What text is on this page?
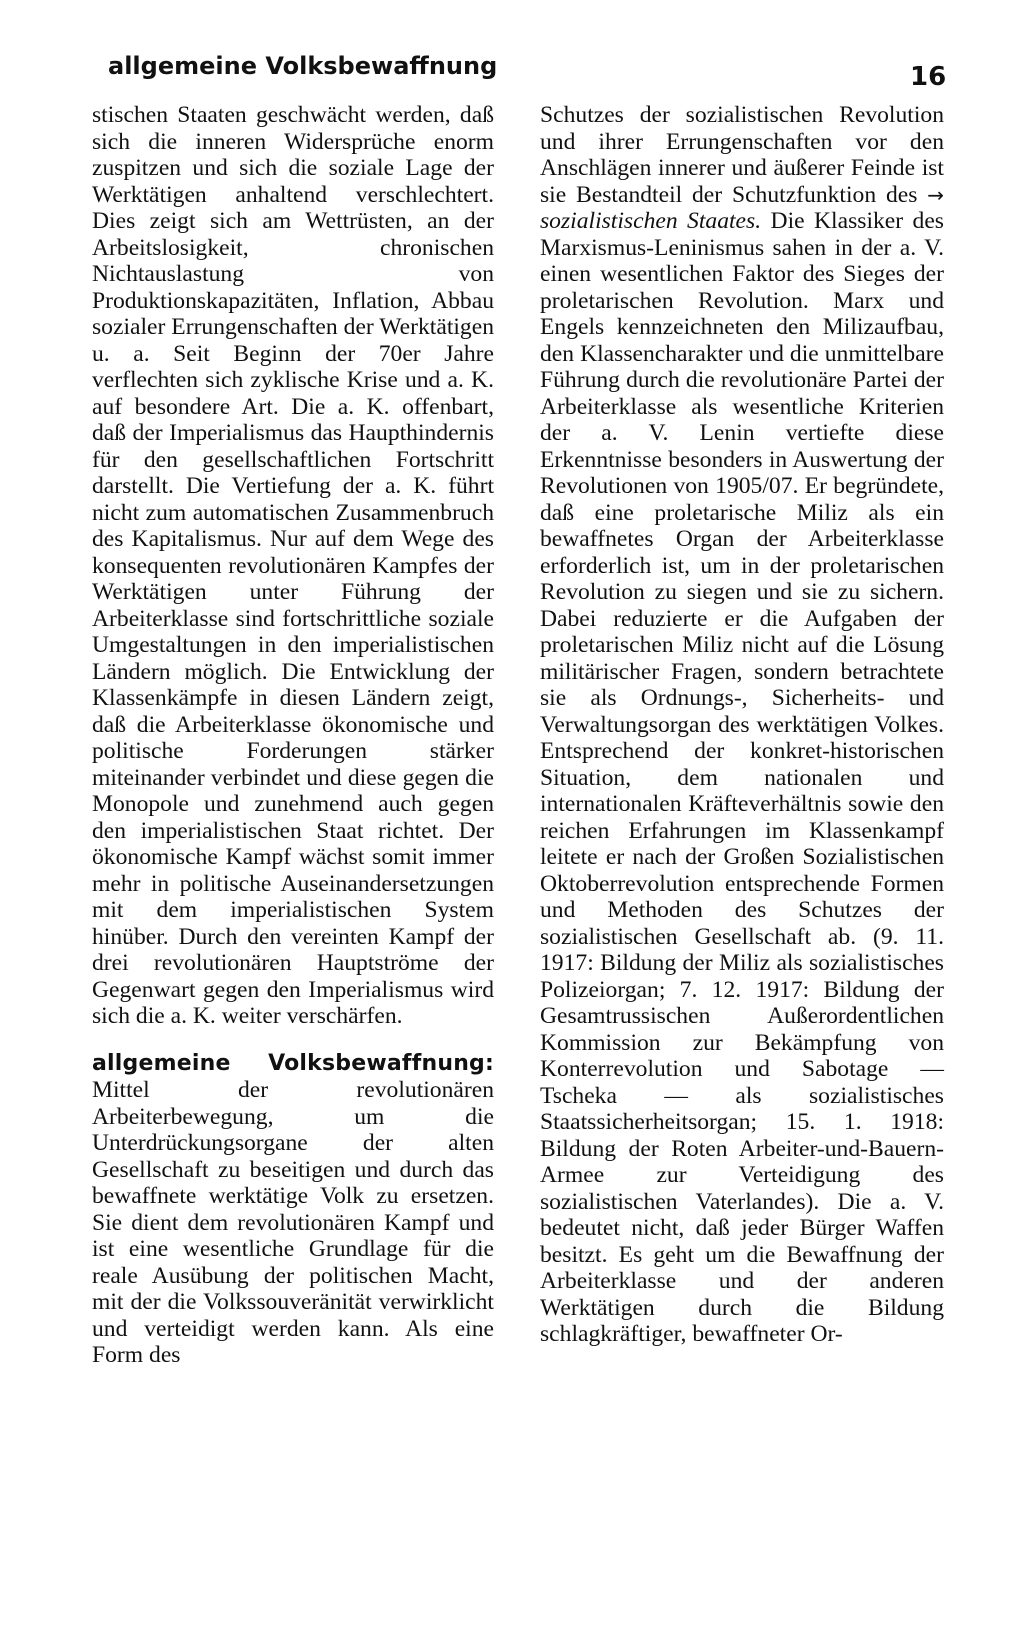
allgemeine Volksbewaffnung	16

stischen Staaten geschwächt werden, daß sich die inneren Widersprüche enorm zuspitzen und sich die soziale Lage der Werktätigen anhaltend verschlechtert. Dies zeigt sich am Wettrüsten, an der Arbeitslosigkeit, chronischen Nichtauslastung von Produktionskapazitäten, Inflation, Abbau sozialer Errungenschaften der Werktätigen u. a. Seit Beginn der 70er Jahre verflechten sich zyklische Krise und a. K. auf besondere Art. Die a. K. offenbart, daß der Imperialismus das Haupthindernis für den gesellschaftlichen Fortschritt darstellt. Die Vertiefung der a. K. führt nicht zum automatischen Zusammenbruch des Kapitalismus. Nur auf dem Wege des konsequenten revolutionären Kampfes der Werktätigen unter Führung der Arbeiterklasse sind fortschrittliche soziale Umgestaltungen in den imperialistischen Ländern möglich. Die Entwicklung der Klassenkämpfe in diesen Ländern zeigt, daß die Arbeiterklasse ökonomische und politische Forderungen stärker miteinander verbindet und diese gegen die Monopole und zunehmend auch gegen den imperialistischen Staat richtet. Der ökonomische Kampf wächst somit immer mehr in politische Auseinandersetzungen mit dem imperialistischen System hinüber. Durch den vereinten Kampf der drei revolutionären Hauptströme der Gegenwart gegen den Imperialismus wird sich die a. K. weiter verschärfen.

allgemeine Volksbewaffnung: Mittel der revolutionären Arbeiterbewegung, um die Unterdrückungsorgane der alten Gesellschaft zu beseitigen und durch das bewaffnete werktätige Volk zu ersetzen. Sie dient dem revolutionären Kampf und ist eine wesentliche Grundlage für die reale Ausübung der politischen Macht, mit der die Volkssouveränität verwirklicht und verteidigt werden kann. Als eine Form des

Schutzes der sozialistischen Revolution und ihrer Errungenschaften vor den Anschlägen innerer und äußerer Feinde ist sie Bestandteil der Schutzfunktion des → sozialistischen Staates. Die Klassiker des Marxismus-Leninismus sahen in der a. V. einen wesentlichen Faktor des Sieges der proletarischen Revolution. Marx und Engels kennzeichneten den Milizaufbau, den Klassencharakter und die unmittelbare Führung durch die revolutionäre Partei der Arbeiterklasse als wesentliche Kriterien der a. V. Lenin vertiefte diese Erkenntnisse besonders in Auswertung der Revolutionen von 1905/07. Er begründete, daß eine proletarische Miliz als ein bewaffnetes Organ der Arbeiterklasse erforderlich ist, um in der proletarischen Revolution zu siegen und sie zu sichern. Dabei reduzierte er die Aufgaben der proletarischen Miliz nicht auf die Lösung militärischer Fragen, sondern betrachtete sie als Ordnungs-, Sicherheits- und Verwaltungsorgan des werktätigen Volkes. Entsprechend der konkret-historischen Situation, dem nationalen und internationalen Kräfteverhältnis sowie den reichen Erfahrungen im Klassenkampf leitete er nach der Großen Sozialistischen Oktoberrevolution entsprechende Formen und Methoden des Schutzes der sozialistischen Gesellschaft ab. (9. 11. 1917: Bildung der Miliz als sozialistisches Polizeiorgan; 7. 12. 1917: Bildung der Gesamtrussischen Außerordentlichen Kommission zur Bekämpfung von Konterrevolution und Sabotage — Tscheka — als sozialistisches Staatssicherheitsorgan; 15. 1. 1918: Bildung der Roten Arbeiter-und-Bauern-Armee zur Verteidigung des sozialistischen Vaterlandes). Die a. V. bedeutet nicht, daß jeder Bürger Waffen besitzt. Es geht um die Bewaffnung der Arbeiterklasse und der anderen Werktätigen durch die Bildung schlagkräftiger, bewaffneter Or-
